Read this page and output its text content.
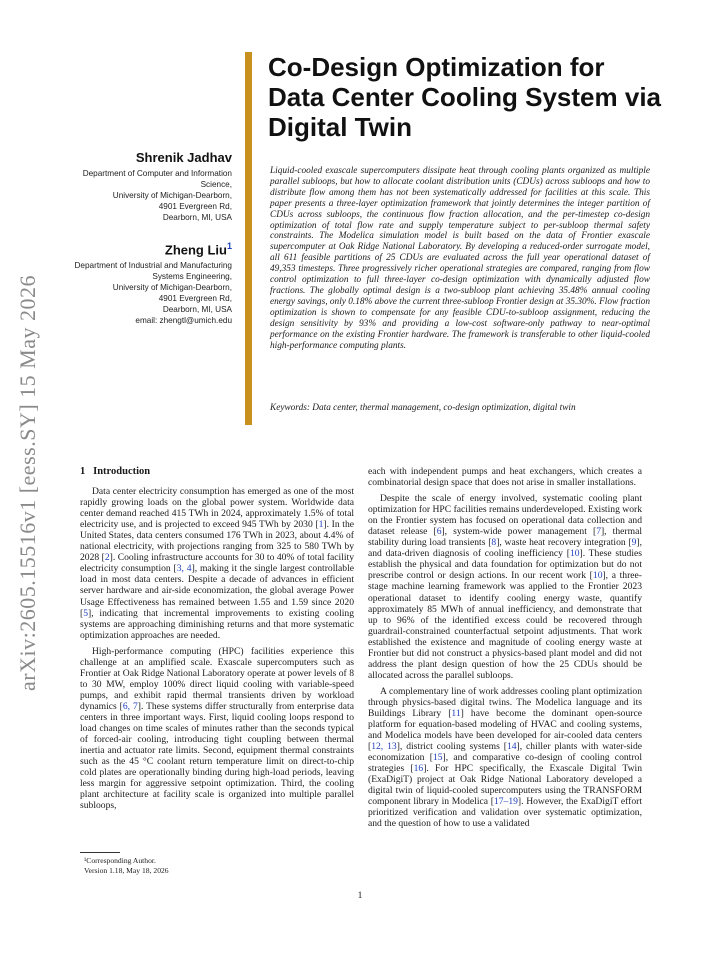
arXiv:2605.15516v1 [eess.SY] 15 May 2026
Shrenik Jadhav
Department of Computer and Information
Science,
University of Michigan-Dearborn,
4901 Evergreen Rd,
Dearborn, MI, USA
Zheng Liu$^1$
Department of Industrial and Manufacturing
Systems Engineering,
University of Michigan-Dearborn,
4901 Evergreen Rd,
Dearborn, MI, USA
email: zhengtl@umich.edu
Co-Design Optimization for Data Center Cooling System via Digital Twin

Liquid-cooled exascale supercomputers dissipate heat through cooling plants organized as multiple parallel subloops, but how to allocate coolant distribution units (CDUs) across subloops and how to distribute flow among them has not been systematically addressed for facilities at this scale. This paper presents a three-layer optimization framework that jointly determines the integer partition of CDUs across subloops, the continuous flow fraction allocation, and the per-timestep co-design optimization of total flow rate and supply temperature subject to per-subloop thermal safety constraints. The Modelica simulation model is built based on the data of Frontier exascale supercomputer at Oak Ridge National Laboratory. By developing a reduced-order surrogate model, all 611 feasible partitions of 25 CDUs are evaluated across the full year operational dataset of 49,353 timesteps. Three progressively richer operational strategies are compared, ranging from flow control optimization to full three-layer co-design optimization with dynamically adjusted flow fractions. The globally optimal design is a two-subloop plant achieving 35.48% annual cooling energy savings, only 0.18% above the current three-subloop Frontier design at 35.30%. Flow fraction optimization is shown to compensate for any feasible CDU-to-subloop assignment, reducing the design sensitivity by 93% and providing a low-cost software-only pathway to near-optimal performance on the existing Frontier hardware. The framework is transferable to other liquid-cooled high-performance computing plants.

Keywords: Data center, thermal management, co-design optimization, digital twin
1 Introduction

Data center electricity consumption has emerged as one of the most rapidly growing loads on the global power system. Worldwide data center demand reached 415 TWh in 2024, approximately 1.5% of total electricity use, and is projected to exceed 945 TWh by 2030 [1]. In the United States, data centers consumed 176 TWh in 2023, about 4.4% of national electricity, with projections ranging from 325 to 580 TWh by 2028 [2]. Cooling infrastructure accounts for 30 to 40% of total facility electricity consumption [3, 4], making it the single largest controllable load in most data centers. Despite a decade of advances in efficient server hardware and air-side economization, the global average Power Usage Effectiveness has remained between 1.55 and 1.59 since 2020 [5], indicating that incremental improvements to existing cooling systems are approaching diminishing returns and that more systematic optimization approaches are needed.

High-performance computing (HPC) facilities experience this challenge at an amplified scale. Exascale supercomputers such as Frontier at Oak Ridge National Laboratory operate at power levels of 8 to 30 MW, employ 100% direct liquid cooling with variable-speed pumps, and exhibit rapid thermal transients driven by workload dynamics [6, 7]. These systems differ structurally from enterprise data centers in three important ways. First, liquid cooling loops respond to load changes on time scales of minutes rather than the seconds typical of forced-air cooling, introducing tight coupling between thermal inertia and actuator rate limits. Second, equipment thermal constraints such as the 45 °C coolant return temperature limit on direct-to-chip cold plates are operationally binding during high-load periods, leaving less margin for aggressive setpoint optimization. Third, the cooling plant architecture at facility scale is organized into multiple parallel subloops,

each with independent pumps and heat exchangers, which creates a combinatorial design space that does not arise in smaller installations.

Despite the scale of energy involved, systematic cooling plant optimization for HPC facilities remains underdeveloped. Existing work on the Frontier system has focused on operational data collection and dataset release [6], system-wide power management [7], thermal stability during load transients [8], waste heat recovery integration [9], and data-driven diagnosis of cooling inefficiency [10]. These studies establish the physical and data foundation for optimization but do not prescribe control or design actions. In our recent work [10], a three-stage machine learning framework was applied to the Frontier 2023 operational dataset to identify cooling energy waste, quantify approximately 85 MWh of annual inefficiency, and demonstrate that up to 96% of the identified excess could be recovered through guardrail-constrained counterfactual setpoint adjustments. That work established the existence and magnitude of cooling energy waste at Frontier but did not construct a physics-based plant model and did not address the plant design question of how the 25 CDUs should be allocated across the parallel subloops.

A complementary line of work addresses cooling plant optimization through physics-based digital twins. The Modelica language and its Buildings Library [11] have become the dominant open-source platform for equation-based modeling of HVAC and cooling systems, and Modelica models have been developed for air-cooled data centers [12, 13], district cooling systems [14], chiller plants with water-side economization [15], and comparative co-design of cooling control strategies [16]. For HPC specifically, the Exascale Digital Twin (ExaDigiT) project at Oak Ridge National Laboratory developed a digital twin of liquid-cooled supercomputers using the TRANSFORM component library in Modelica [17–19]. However, the ExaDigiT effort prioritized verification and validation over systematic optimization, and the question of how to use a validated

¹Corresponding Author.
Version 1.18, May 18, 2026
1
